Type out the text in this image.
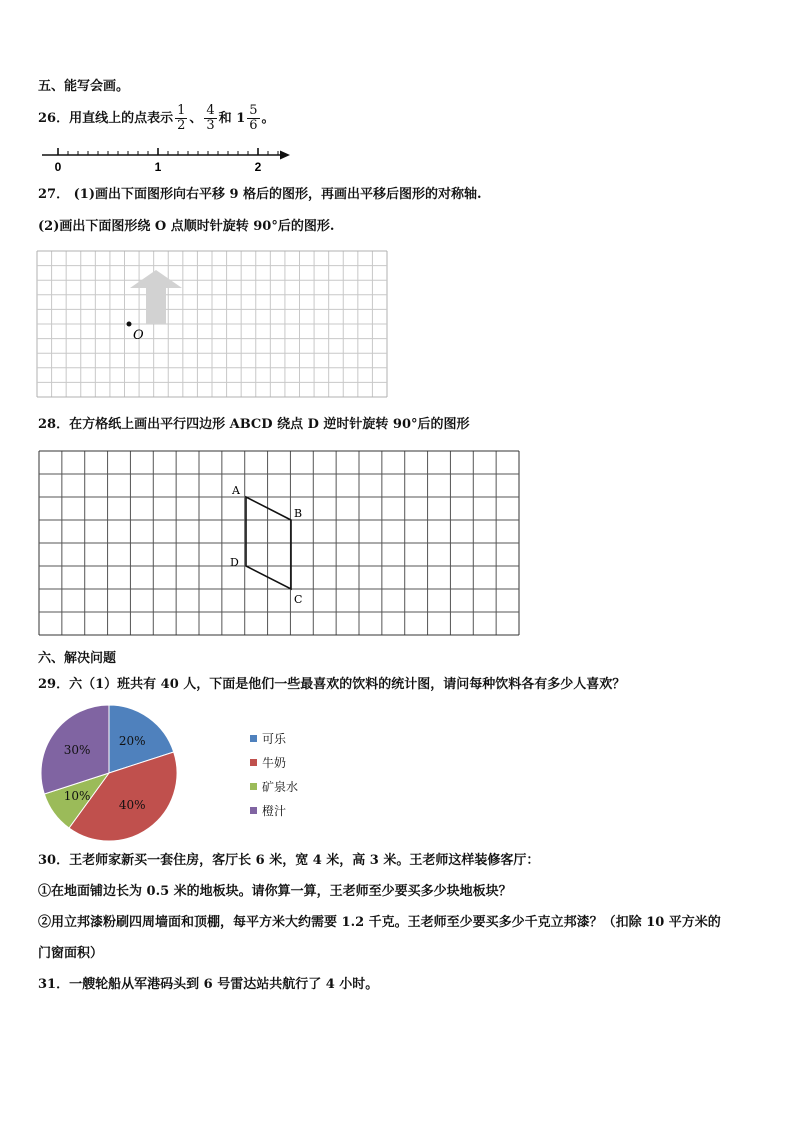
五、能写会画。
26．用直线上的点表示 $\frac{1}{2}$ 、 $\frac{4}{3}$ 和 $1 \frac{5}{6}$ 。
0	1	2
27． (1)画出下面图形向右平移 9 格后的图形，再画出平移后图形的对称轴.
(2)画出下面图形绕 O 点顺时针旋转 90°后的图形.
O
28．在方格纸上画出平行四边形 ABCD 绕点 D 逆时针旋转 90°后的图形
A
B
C
D
六、解决问题
29．六（1）班共有 40 人，下面是他们一些最喜欢的饮料的统计图，请问每种饮料各有多少人喜欢？
20%
40%
10%
30%
可乐
牛奶
矿泉水
橙汁
30．王老师家新买一套住房，客厅长 6 米，宽 4 米，高 3 米。王老师这样装修客厅：
①在地面铺边长为 0.5 米的地板块。请你算一算，王老师至少要买多少块地板块？
②用立邦漆粉刷四周墙面和顶棚，每平方米大约需要 1.2 千克。王老师至少要买多少千克立邦漆？（扣除 10 平方米的
门窗面积）
31．一艘轮船从军港码头到 6 号雷达站共航行了 4 小时。
